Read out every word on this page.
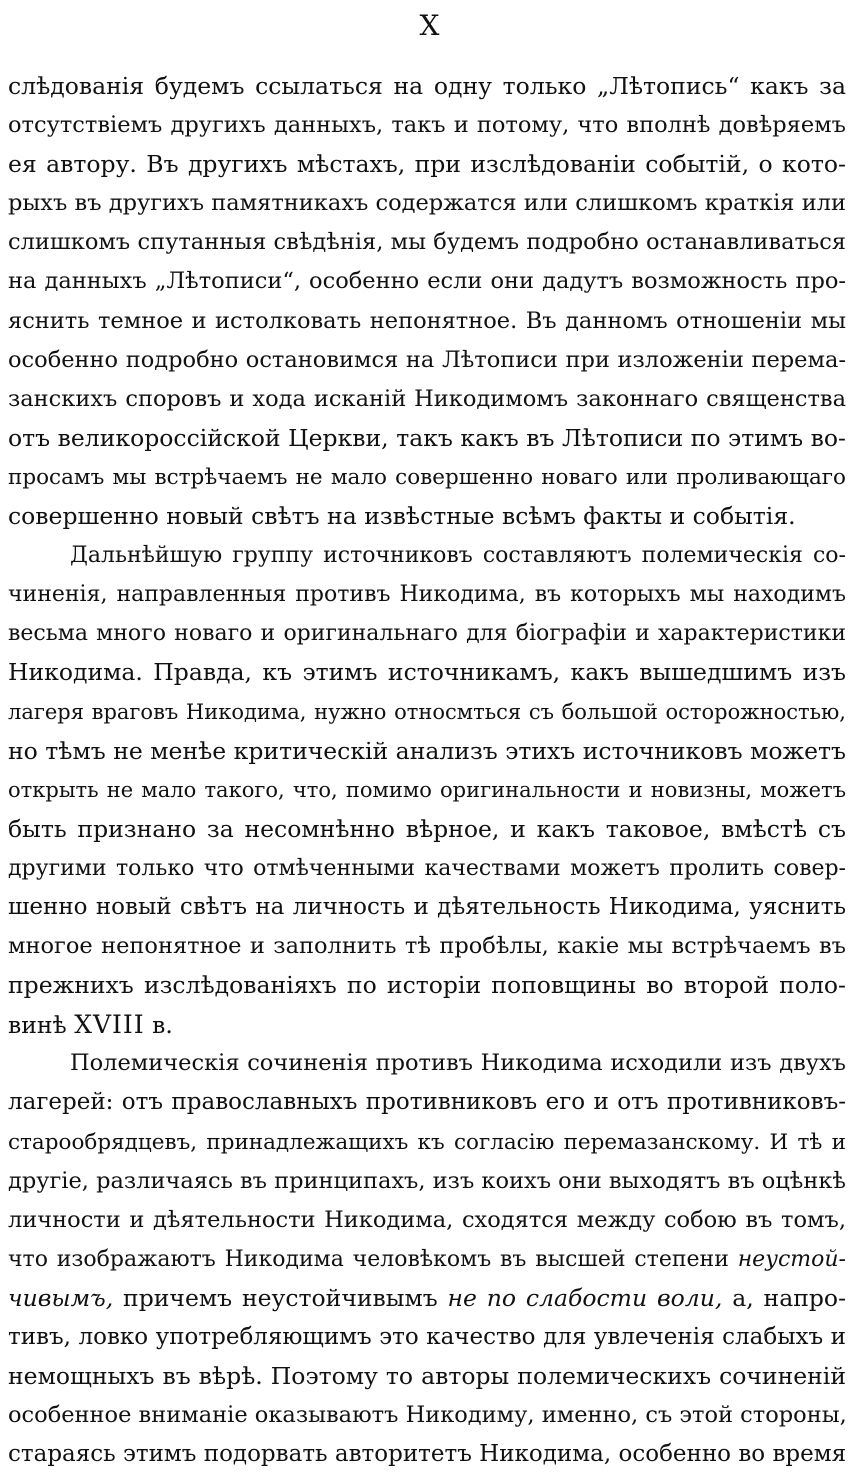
X
слѣдованія будемъ ссылаться на одну только „Лѣтопись“ какъ за
отсутствіемъ другихъ данныхъ, такъ и потому, что вполнѣ довѣряемъ
ея автору. Въ другихъ мѣстахъ, при изслѣдованіи событій, о кото-
рыхъ въ другихъ памятникахъ содержатся или слишкомъ краткія или
слишкомъ спутанныя свѣдѣнія, мы будемъ подробно останавливаться
на данныхъ „Лѣтописи“, особенно если они дадутъ возможность про-
яснить темное и истолковать непонятное. Въ данномъ отношеніи мы
особенно подробно остановимся на Лѣтописи при изложеніи перема-
занскихъ споровъ и хода исканій Никодимомъ законнаго священства
отъ великороссійской Церкви, такъ какъ въ Лѣтописи по этимъ во-
просамъ мы встрѣчаемъ не мало совершенно новаго или проливающаго
совершенно новый свѣтъ на извѣстные всѣмъ факты и событія.
Дальнѣйшую группу источниковъ составляютъ полемическія со-
чиненія, направленныя противъ Никодима, въ которыхъ мы находимъ
весьма много новаго и оригинальнаго для біографіи и характеристики
Никодима. Правда, къ этимъ источникамъ, какъ вышедшимъ изъ
лагеря враговъ Никодима, нужно относмться съ большой осторожностью,
но тѣмъ не менѣе критическій анализъ этихъ источниковъ можетъ
открыть не мало такого, что, помимо оригинальности и новизны, можетъ
быть признано за несомнѣнно вѣрное, и какъ таковое, вмѣстѣ съ
другими только что отмѣченными качествами можетъ пролить совер-
шенно новый свѣтъ на личность и дѣятельность Никодима, уяснить
многое непонятное и заполнить тѣ пробѣлы, какіе мы встрѣчаемъ въ
прежнихъ изслѣдованіяхъ по исторіи поповщины во второй поло-
винѣ XVIII в.
Полемическія сочиненія противъ Никодима исходили изъ двухъ
лагерей: отъ православныхъ противниковъ его и отъ противниковъ-
старообрядцевъ, принадлежащихъ къ согласію перемазанскому. И тѣ и
другіе, различаясь въ принципахъ, изъ коихъ они выходятъ въ оцѣнкѣ
личности и дѣятельности Никодима, сходятся между собою въ томъ,
что изображаютъ Никодима человѣкомъ въ высшей степени неустой-
чивымъ, причемъ неустойчивымъ не по слабости воли, а, напро-
тивъ, ловко употребляющимъ это качество для увлеченія слабыхъ и
немощныхъ въ вѣрѣ. Поэтому то авторы полемическихъ сочиненій
особенное вниманіе оказываютъ Никодиму, именно, съ этой стороны,
стараясь этимъ подорвать авторитетъ Никодима, особенно во время
